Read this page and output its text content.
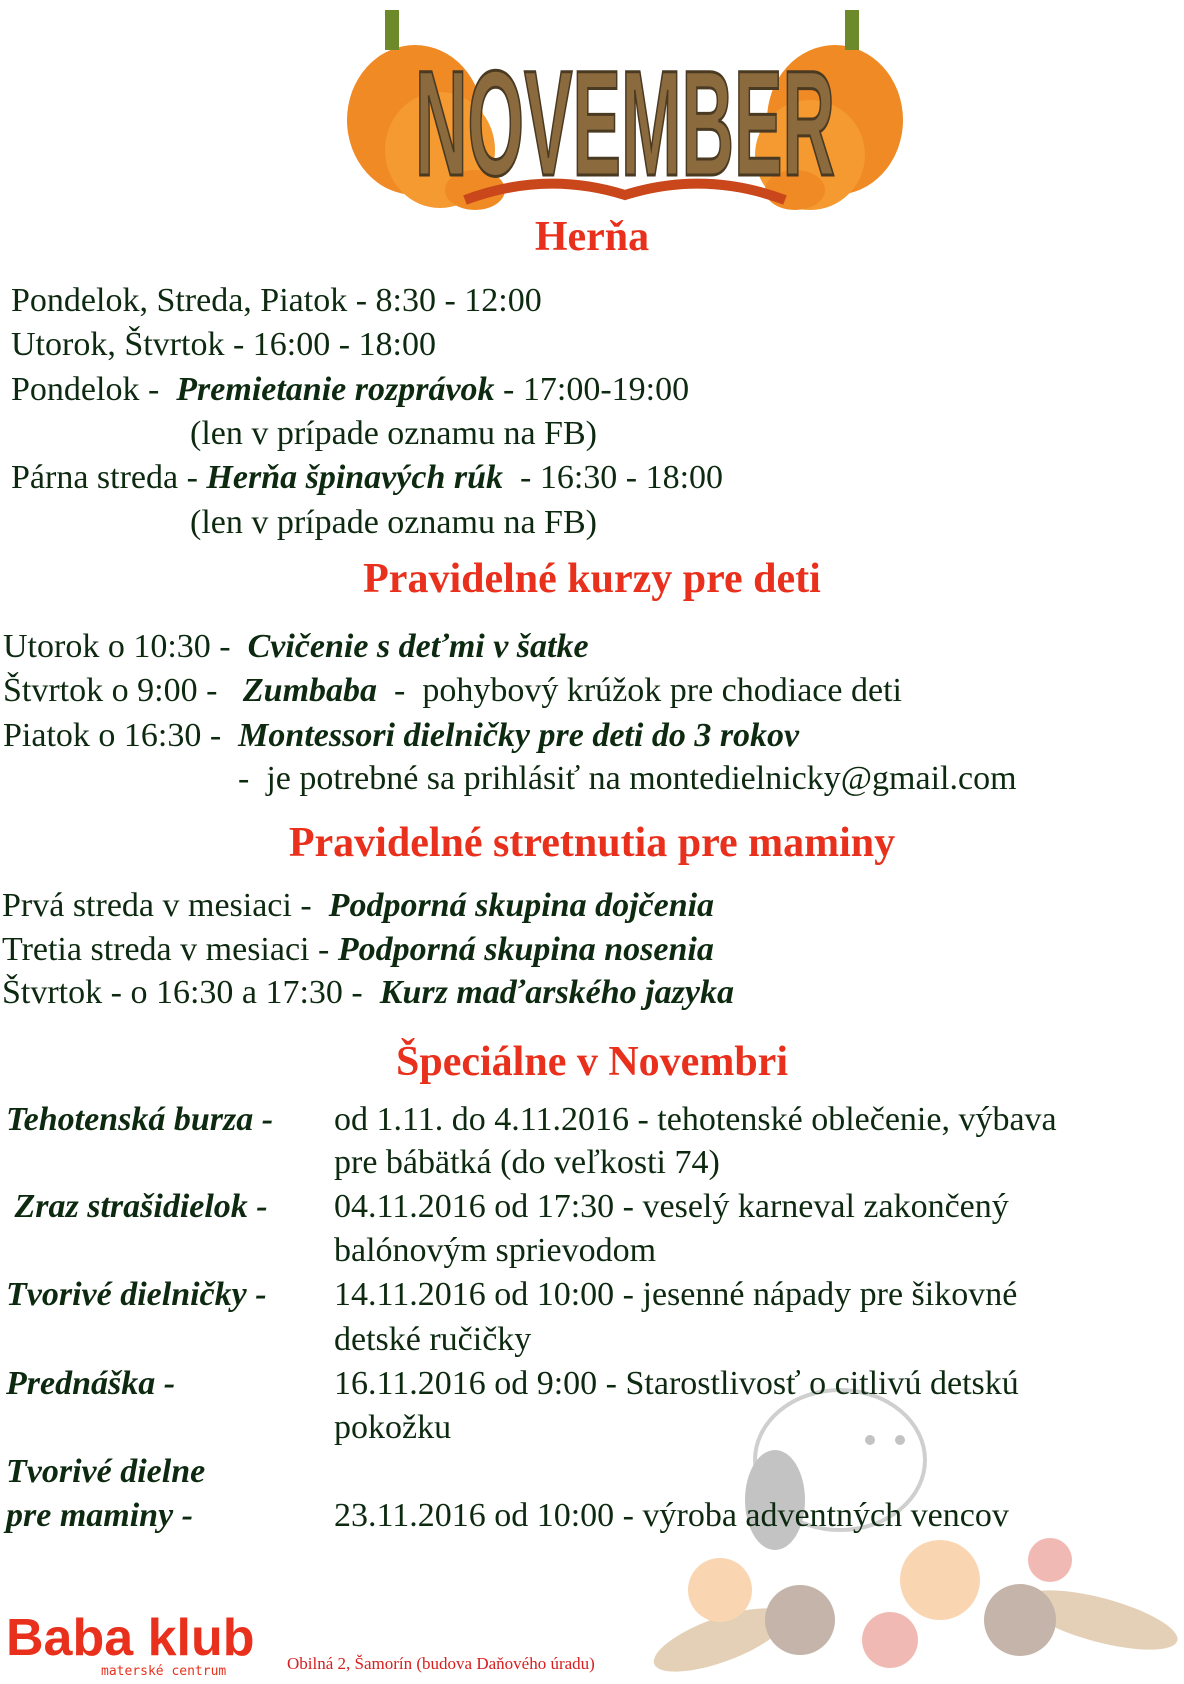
NOVEMBER
Herňa
Pravidelné kurzy pre deti
Pravidelné stretnutia pre maminy
Špeciálne v Novembri
Pondelok, Streda, Piatok - 8:30 - 12:00
Utorok, Štvrtok - 16:00 - 18:00
Pondelok -  Premietanie rozprávok - 17:00-19:00
(len v prípade oznamu na FB)
Párna streda - Herňa špinavých rúk  - 16:30 - 18:00
(len v prípade oznamu na FB)
Utorok o 10:30 -  Cvičenie s deťmi v šatke
Štvrtok o 9:00 -   Zumbaba  -  pohybový krúžok pre chodiace deti
Piatok o 16:30 -  Montessori dielničky pre deti do 3 rokov
-  je potrebné sa prihlásiť na montedielnicky@gmail.com
Prvá streda v mesiaci -  Podporná skupina dojčenia
Tretia streda v mesiaci - Podporná skupina nosenia
Štvrtok - o 16:30 a 17:30 -  Kurz maďarského jazyka
Tehotenská burza - od 1.11. do 4.11.2016 - tehotenské oblečenie, výbava
pre bábätká (do veľkosti 74)
Zraz strašidielok - 04.11.2016 od 17:30 - veselý karneval zakončený
balónovým sprievodom
Tvorivé dielničky - 14.11.2016 od 10:00 - jesenné nápady pre šikovné
detské ručičky
Prednáška -	16.11.2016 od 9:00 - Starostlivosť o citlivú detskú
pokožku
Tvorivé dielne
pre maminy -	23.11.2016 od 10:00 - výroba adventných vencov
Baba klub
materské centrum	Obilná 2, Šamorín (budova Daňového úradu)
